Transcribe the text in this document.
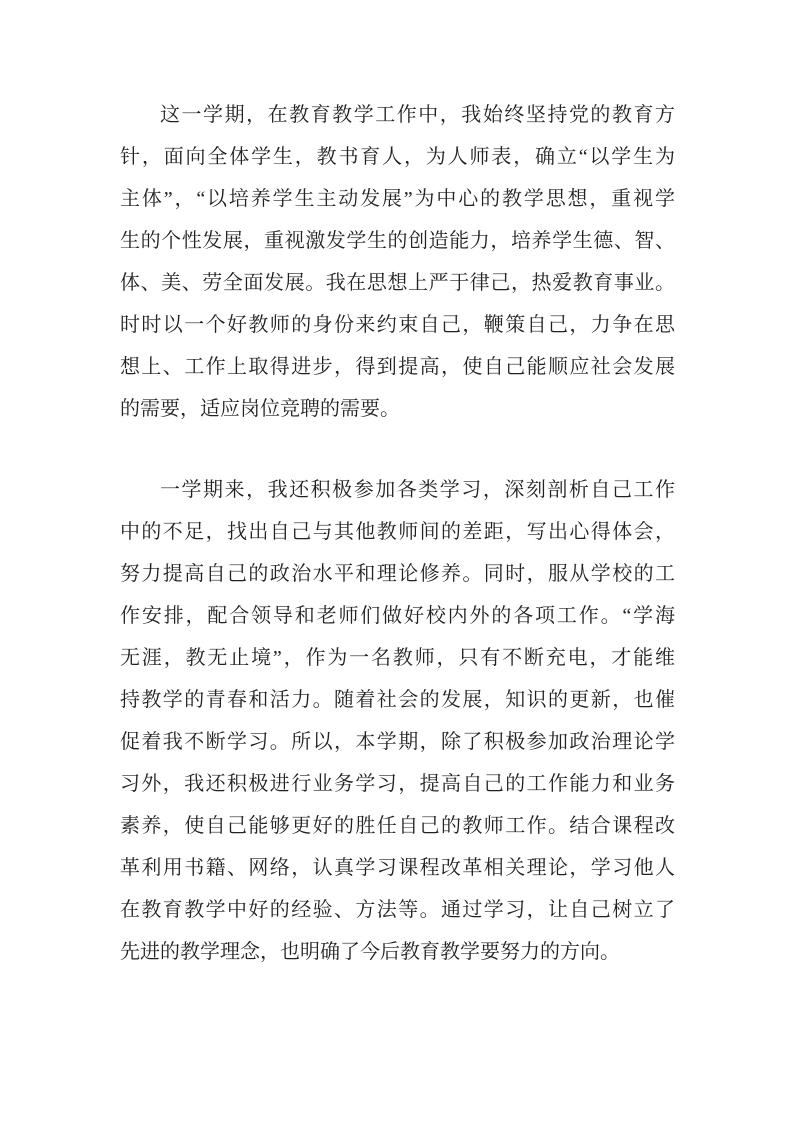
这一学期，在教育教学工作中，我始终坚持党的教育方
针，面向全体学生，教书育人，为人师表，确立“以学生为
主体”，“以培养学生主动发展”为中心的教学思想，重视学
生的个性发展，重视激发学生的创造能力，培养学生德、智、
体、美、劳全面发展。我在思想上严于律己，热爱教育事业。
时时以一个好教师的身份来约束自己，鞭策自己，力争在思
想上、工作上取得进步，得到提高，使自己能顺应社会发展
的需要，适应岗位竞聘的需要。
一学期来，我还积极参加各类学习，深刻剖析自己工作
中的不足，找出自己与其他教师间的差距，写出心得体会，
努力提高自己的政治水平和理论修养。同时，服从学校的工
作安排，配合领导和老师们做好校内外的各项工作。“学海
无涯，教无止境”，作为一名教师，只有不断充电，才能维
持教学的青春和活力。随着社会的发展，知识的更新，也催
促着我不断学习。所以，本学期，除了积极参加政治理论学
习外，我还积极进行业务学习，提高自己的工作能力和业务
素养，使自己能够更好的胜任自己的教师工作。结合课程改
革利用书籍、网络，认真学习课程改革相关理论，学习他人
在教育教学中好的经验、方法等。通过学习，让自己树立了
先进的教学理念，也明确了今后教育教学要努力的方向。
